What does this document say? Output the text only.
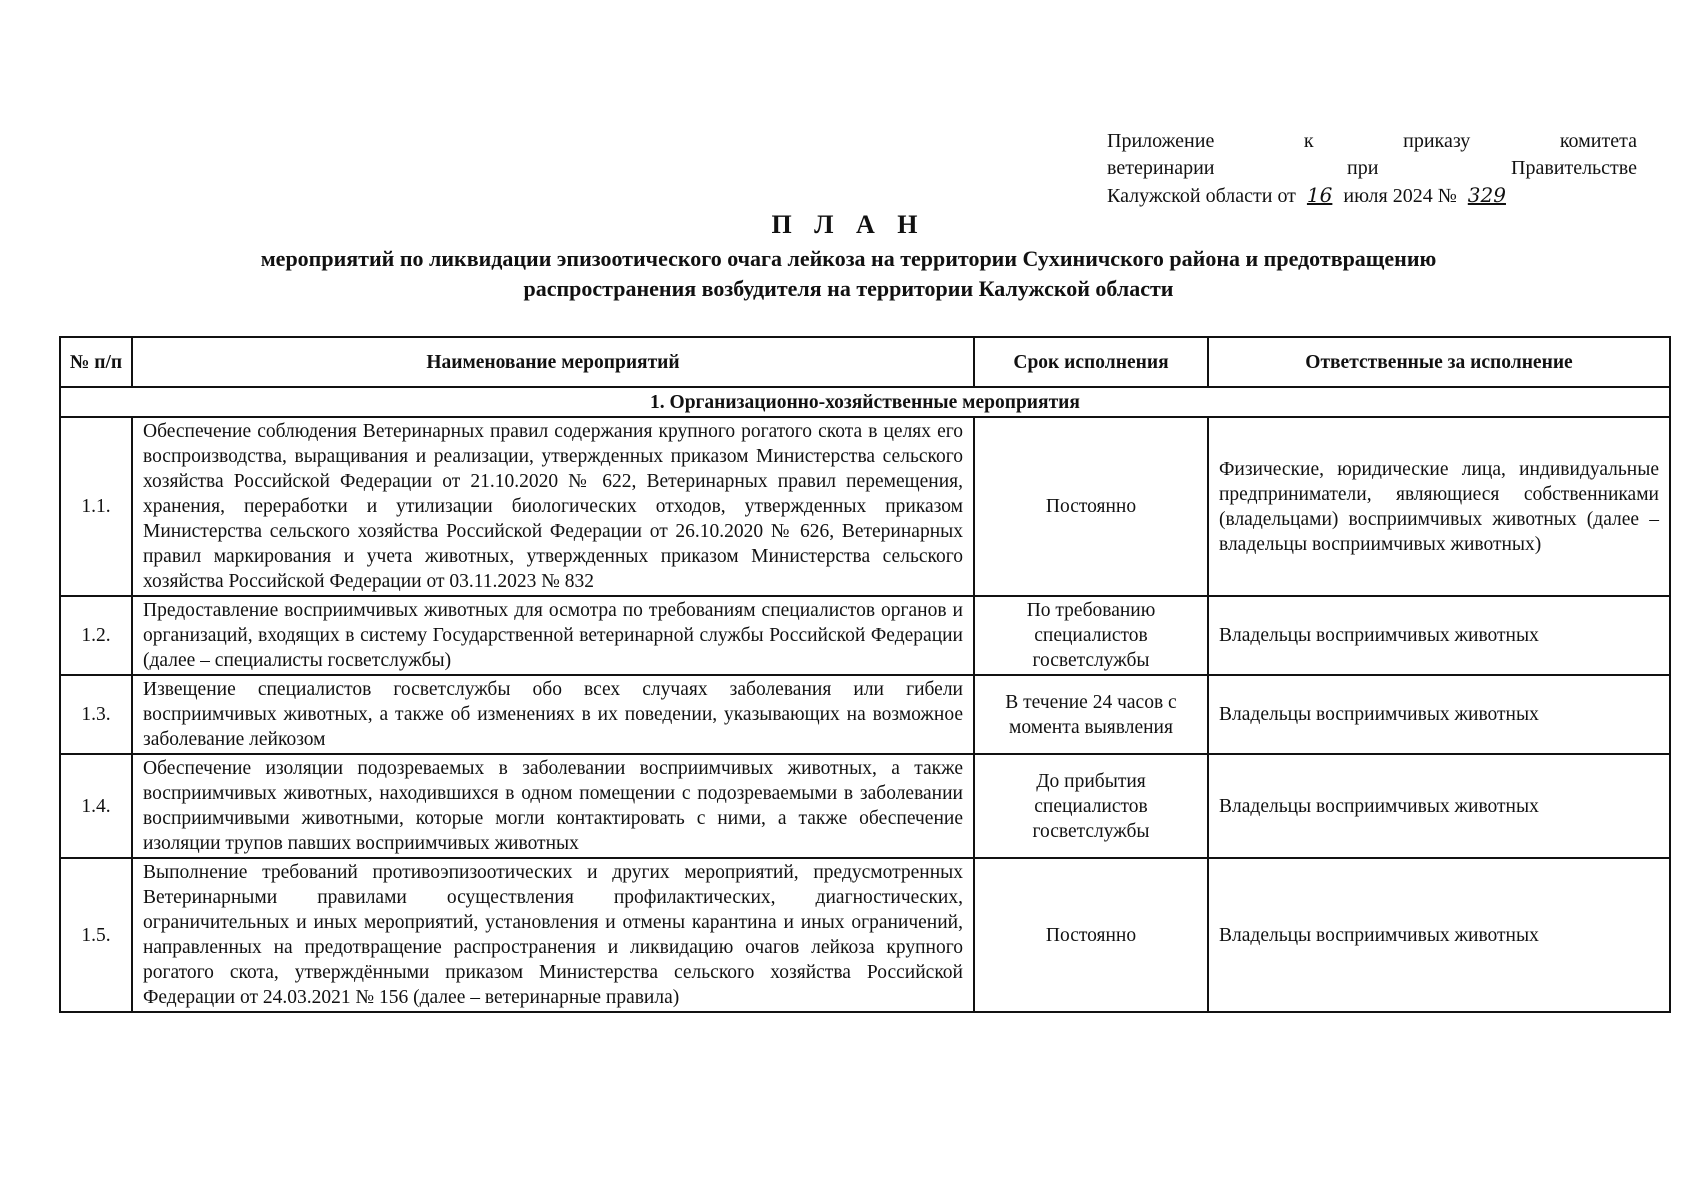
Приложение к приказу комитета
ветеринарии при Правительстве
Калужской области от 16 июля 2024 № 329
П Л А Н
мероприятий по ликвидации эпизоотического очага лейкоза на территории Сухиничского района и предотвращению
распространения возбудителя на территории Калужской области
№ п/п	Наименование мероприятий	Срок исполнения	Ответственные за исполнение
1. Организационно-хозяйственные мероприятия			
1.1.	Обеспечение соблюдения Ветеринарных правил содержания крупного рогатого скота в целях его воспроизводства, выращивания и реализации, утвержденных приказом Министерства сельского хозяйства Российской Федерации от 21.10.2020 № 622, Ветеринарных правил перемещения, хранения, переработки и утилизации биологических отходов, утвержденных приказом Министерства сельского хозяйства Российской Федерации от 26.10.2020 № 626, Ветеринарных правил маркирования и учета животных, утвержденных приказом Министерства сельского хозяйства Российской Федерации от 03.11.2023 № 832	Постоянно	Физические, юридические лица, индивидуальные предприниматели, являющиеся собственниками (владельцами) восприимчивых животных (далее – владельцы восприимчивых животных)
1.2.	Предоставление восприимчивых животных для осмотра по требованиям специалистов органов и организаций, входящих в систему Государственной ветеринарной службы Российской Федерации (далее – специалисты госветслужбы)	По требованию специалистов госветслужбы	Владельцы восприимчивых животных
1.3.	Извещение специалистов госветслужбы обо всех случаях заболевания или гибели восприимчивых животных, а также об изменениях в их поведении, указывающих на возможное заболевание лейкозом	В течение 24 часов с момента выявления	Владельцы восприимчивых животных
1.4.	Обеспечение изоляции подозреваемых в заболевании восприимчивых животных, а также восприимчивых животных, находившихся в одном помещении с подозреваемыми в заболевании восприимчивыми животными, которые могли контактировать с ними, а также обеспечение изоляции трупов павших восприимчивых животных	До прибытия специалистов госветслужбы	Владельцы восприимчивых животных
1.5.	Выполнение требований противоэпизоотических и других мероприятий, предусмотренных Ветеринарными правилами осуществления профилактических, диагностических, ограничительных и иных мероприятий, установления и отмены карантина и иных ограничений, направленных на предотвращение распространения и ликвидацию очагов лейкоза крупного рогатого скота, утверждёнными приказом Министерства сельского хозяйства Российской Федерации от 24.03.2021 № 156 (далее – ветеринарные правила)	Постоянно	Владельцы восприимчивых животных
